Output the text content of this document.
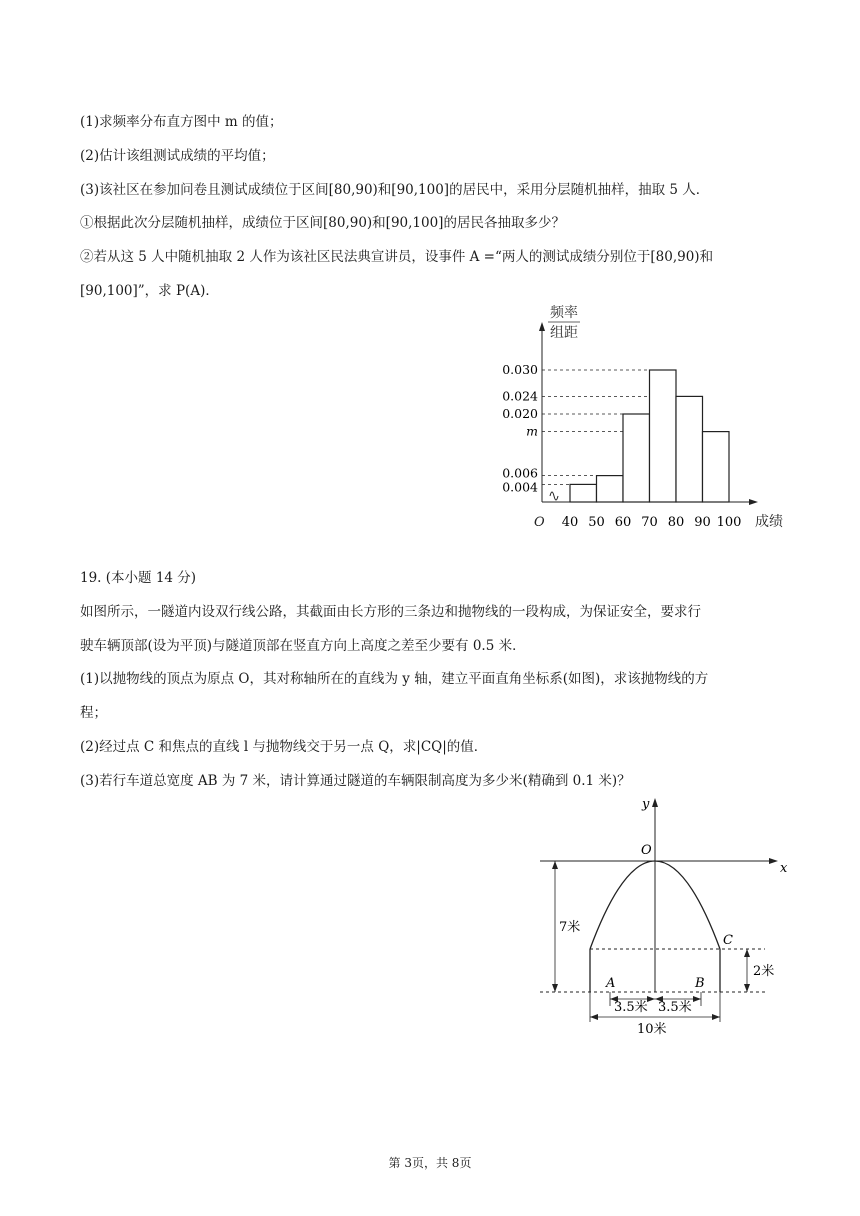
(1)求频率分布直方图中 m 的值；
(2)估计该组测试成绩的平均值；
(3)该社区在参加问卷且测试成绩位于区间[80,90)和[90,100]的居民中，采用分层随机抽样，抽取 5 人．
①根据此次分层随机抽样，成绩位于区间[80,90)和[90,100]的居民各抽取多少？
②若从这 5 人中随机抽取 2 人作为该社区民法典宣讲员，设事件 A =“两人的测试成绩分别位于[80,90)和
[90,100]”，求 P(A)．
频率
组距
O	成绩
0.030
0.024
0.020
m
0.006
0.004
40 50 60 70 80 90 100
19. (本小题 14 分)
如图所示，一隧道内设双行线公路，其截面由长方形的三条边和抛物线的一段构成，为保证安全，要求行
驶车辆顶部(设为平顶)与隧道顶部在竖直方向上高度之差至少要有 0.5 米．
(1)以抛物线的顶点为原点 O，其对称轴所在的直线为 y 轴，建立平面直角坐标系(如图)，求该抛物线的方
程；
(2)经过点 C 和焦点的直线 l 与抛物线交于另一点 Q，求|CQ|的值．
(3)若行车道总宽度 AB 为 7 米，请计算通过隧道的车辆限制高度为多少米(精确到 0.1 米)？
y
x
O
C
A	B
7米
2米
3.5米 3.5米
10米
第 3页，共 8页
